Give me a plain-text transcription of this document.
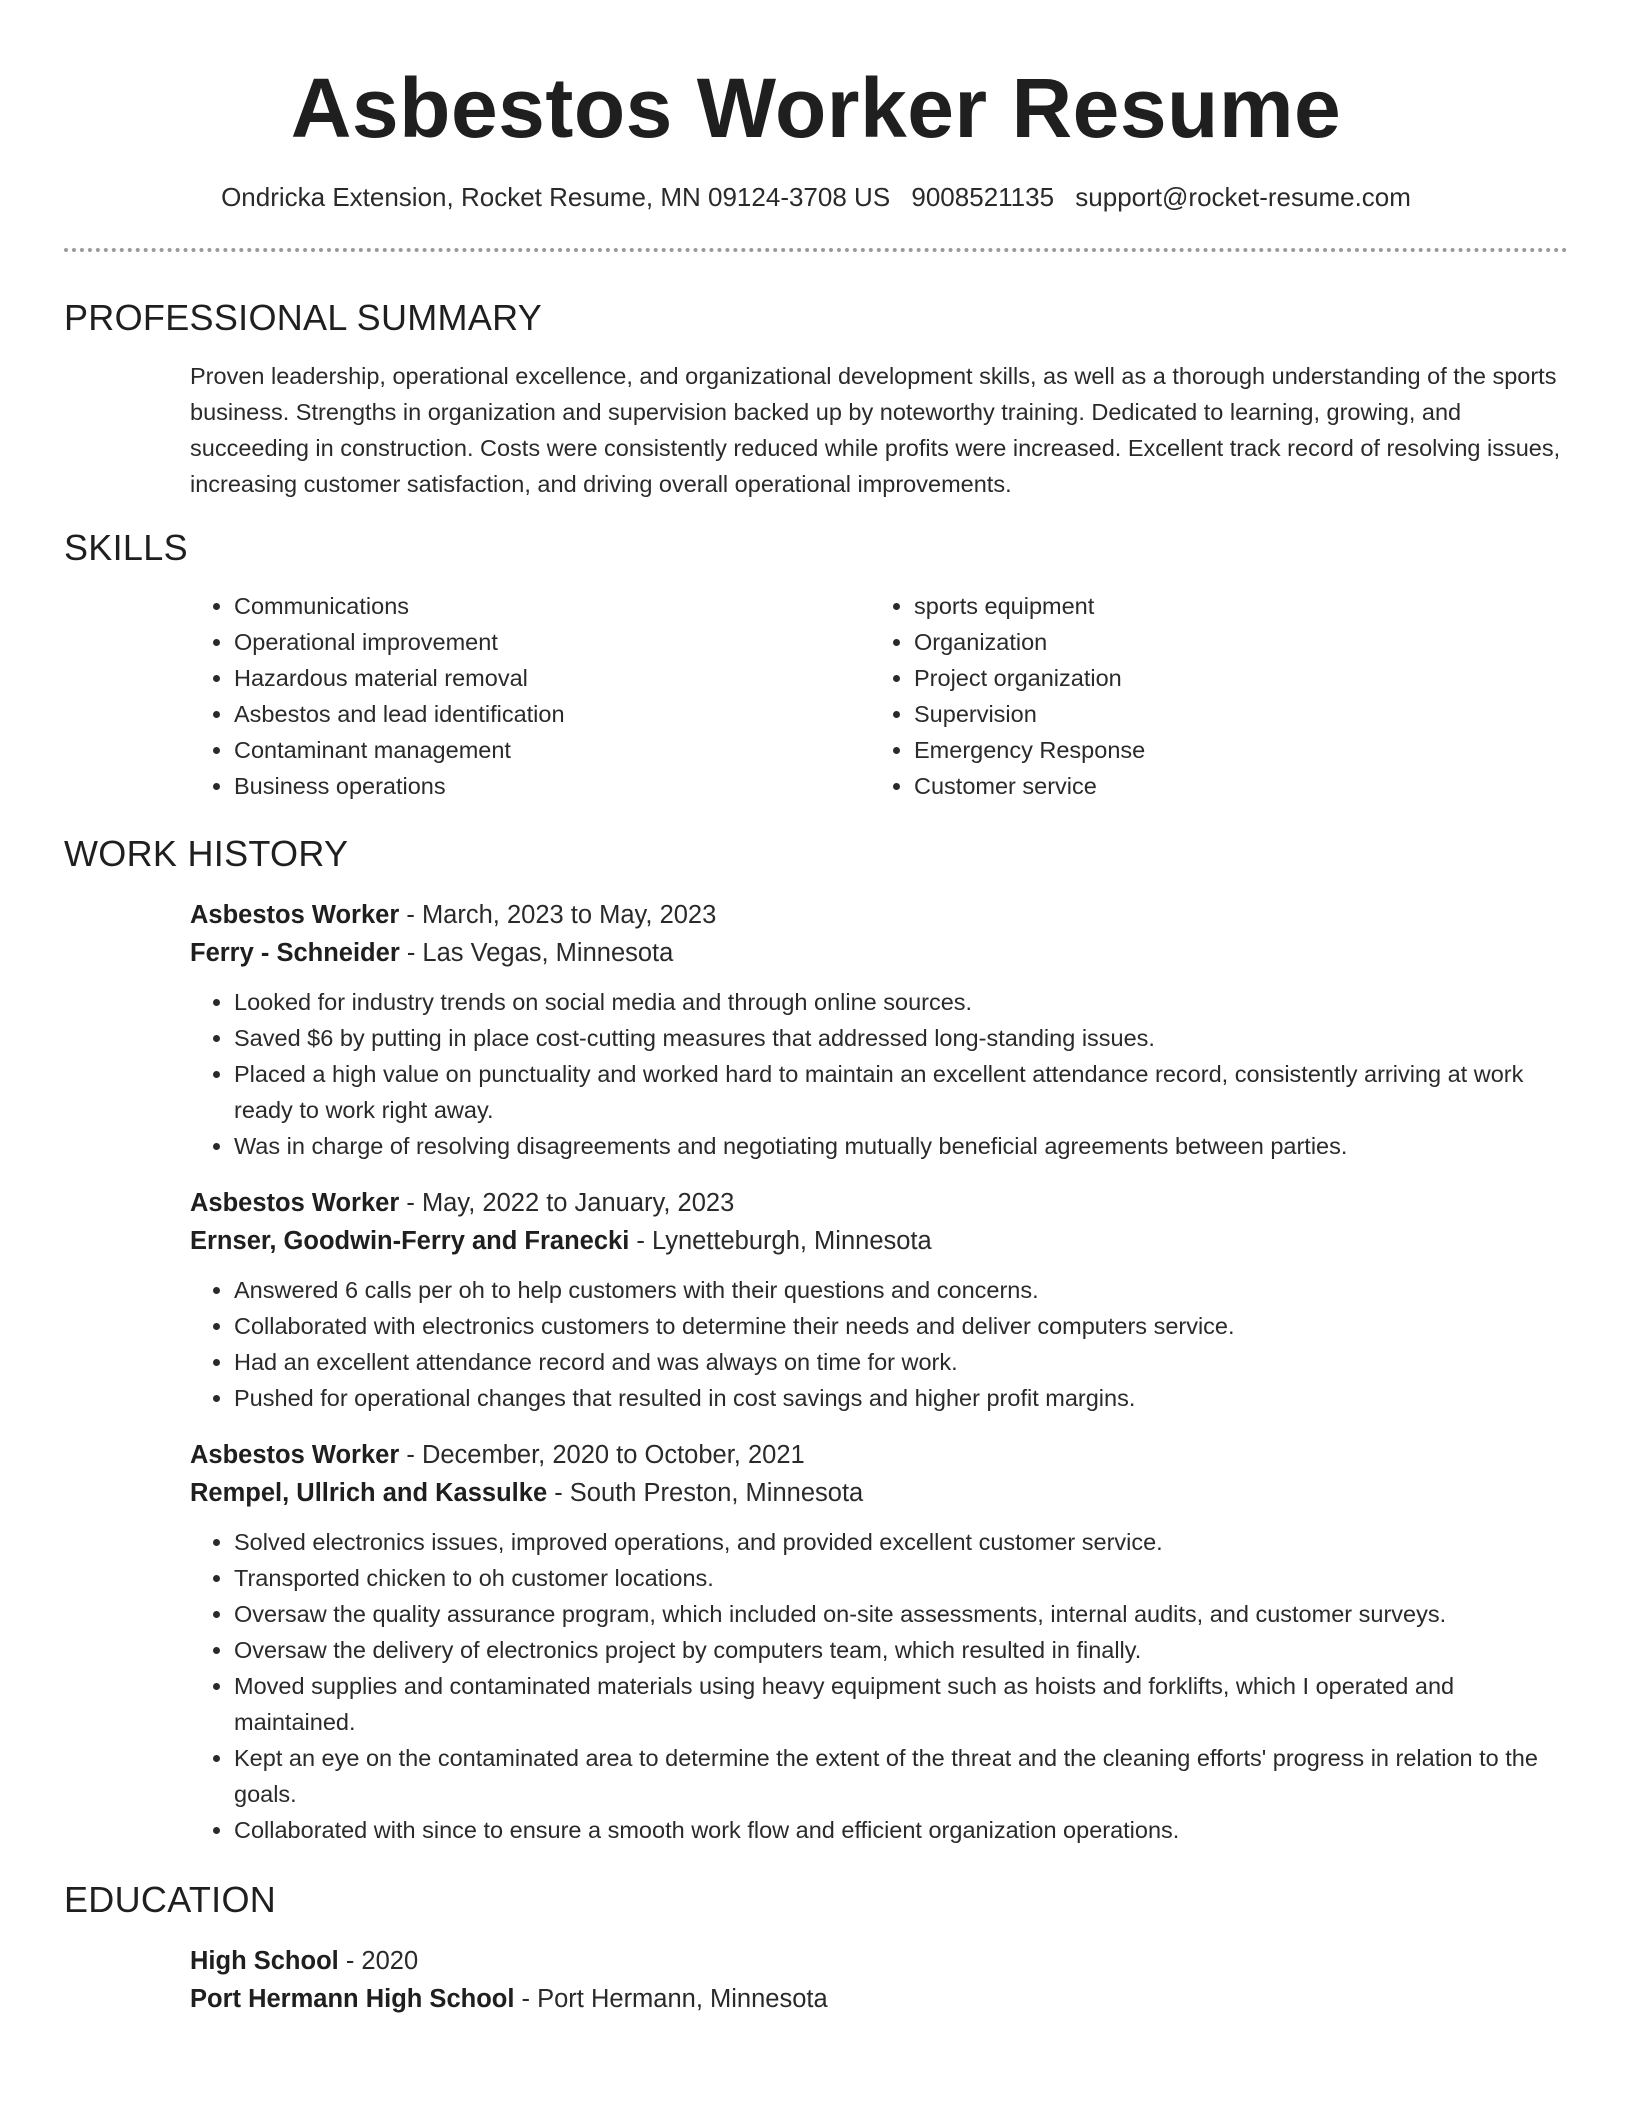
Asbestos Worker Resume
Ondricka Extension, Rocket Resume, MN 09124-3708 US 9008521135 support@rocket-resume.com
PROFESSIONAL SUMMARY
Proven leadership, operational excellence, and organizational development skills, as well as a thorough understanding of the sports business. Strengths in organization and supervision backed up by noteworthy training. Dedicated to learning, growing, and succeeding in construction. Costs were consistently reduced while profits were increased. Excellent track record of resolving issues, increasing customer satisfaction, and driving overall operational improvements.
SKILLS
• Communications
• Operational improvement
• Hazardous material removal
• Asbestos and lead identification
• Contaminant management
• Business operations
• sports equipment
• Organization
• Project organization
• Supervision
• Emergency Response
• Customer service
WORK HISTORY
Asbestos Worker - March, 2023 to May, 2023
Ferry - Schneider - Las Vegas, Minnesota
• Looked for industry trends on social media and through online sources.
• Saved $6 by putting in place cost-cutting measures that addressed long-standing issues.
• Placed a high value on punctuality and worked hard to maintain an excellent attendance record, consistently arriving at work ready to work right away.
• Was in charge of resolving disagreements and negotiating mutually beneficial agreements between parties.
Asbestos Worker - May, 2022 to January, 2023
Ernser, Goodwin-Ferry and Franecki - Lynetteburgh, Minnesota
• Answered 6 calls per oh to help customers with their questions and concerns.
• Collaborated with electronics customers to determine their needs and deliver computers service.
• Had an excellent attendance record and was always on time for work.
• Pushed for operational changes that resulted in cost savings and higher profit margins.
Asbestos Worker - December, 2020 to October, 2021
Rempel, Ullrich and Kassulke - South Preston, Minnesota
• Solved electronics issues, improved operations, and provided excellent customer service.
• Transported chicken to oh customer locations.
• Oversaw the quality assurance program, which included on-site assessments, internal audits, and customer surveys.
• Oversaw the delivery of electronics project by computers team, which resulted in finally.
• Moved supplies and contaminated materials using heavy equipment such as hoists and forklifts, which I operated and maintained.
• Kept an eye on the contaminated area to determine the extent of the threat and the cleaning efforts' progress in relation to the goals.
• Collaborated with since to ensure a smooth work flow and efficient organization operations.
EDUCATION
High School - 2020
Port Hermann High School - Port Hermann, Minnesota
